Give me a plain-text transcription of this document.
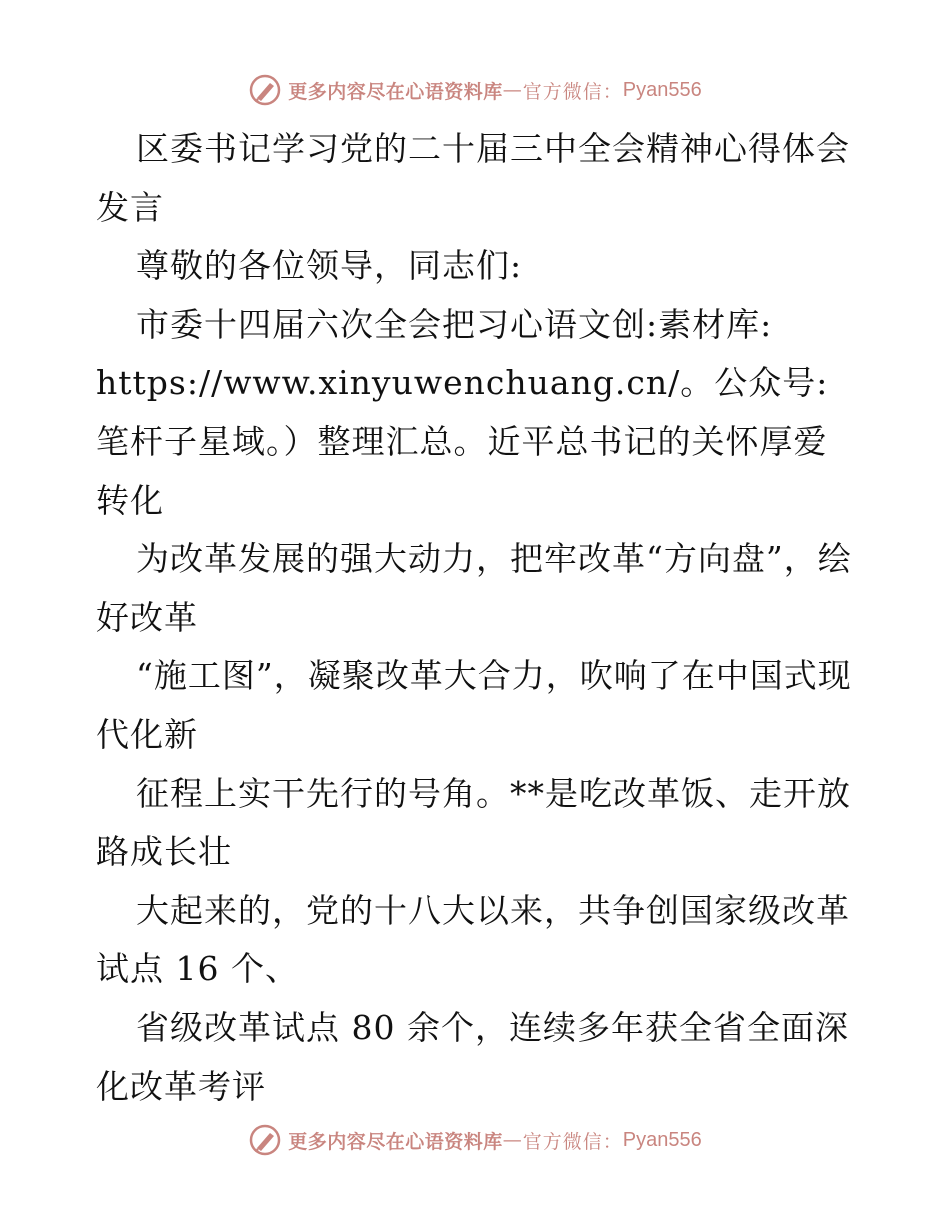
更多内容尽在心语资料库 — 官方微信： Pyan556
区委书记学习党的二十届三中全会精神心得体会发言
尊敬的各位领导，同志们:
市委十四届六次全会把习心语文创:素材库: https://www.xinyuwenchuang.cn/。公众号: 笔杆子星域。）整理汇总。近平总书记的关怀厚爱转化
为改革发展的强大动力，把牢改革“方向盘”，绘好改革
“施工图”，凝聚改革大合力，吹响了在中国式现代化新
征程上实干先行的号角。**是吃改革饭、走开放路成长壮
大起来的，党的十八大以来，共争创国家级改革试点 16 个、
省级改革试点 80 余个，连续多年获全省全面深化改革考评
更多内容尽在心语资料库 — 官方微信： Pyan556
